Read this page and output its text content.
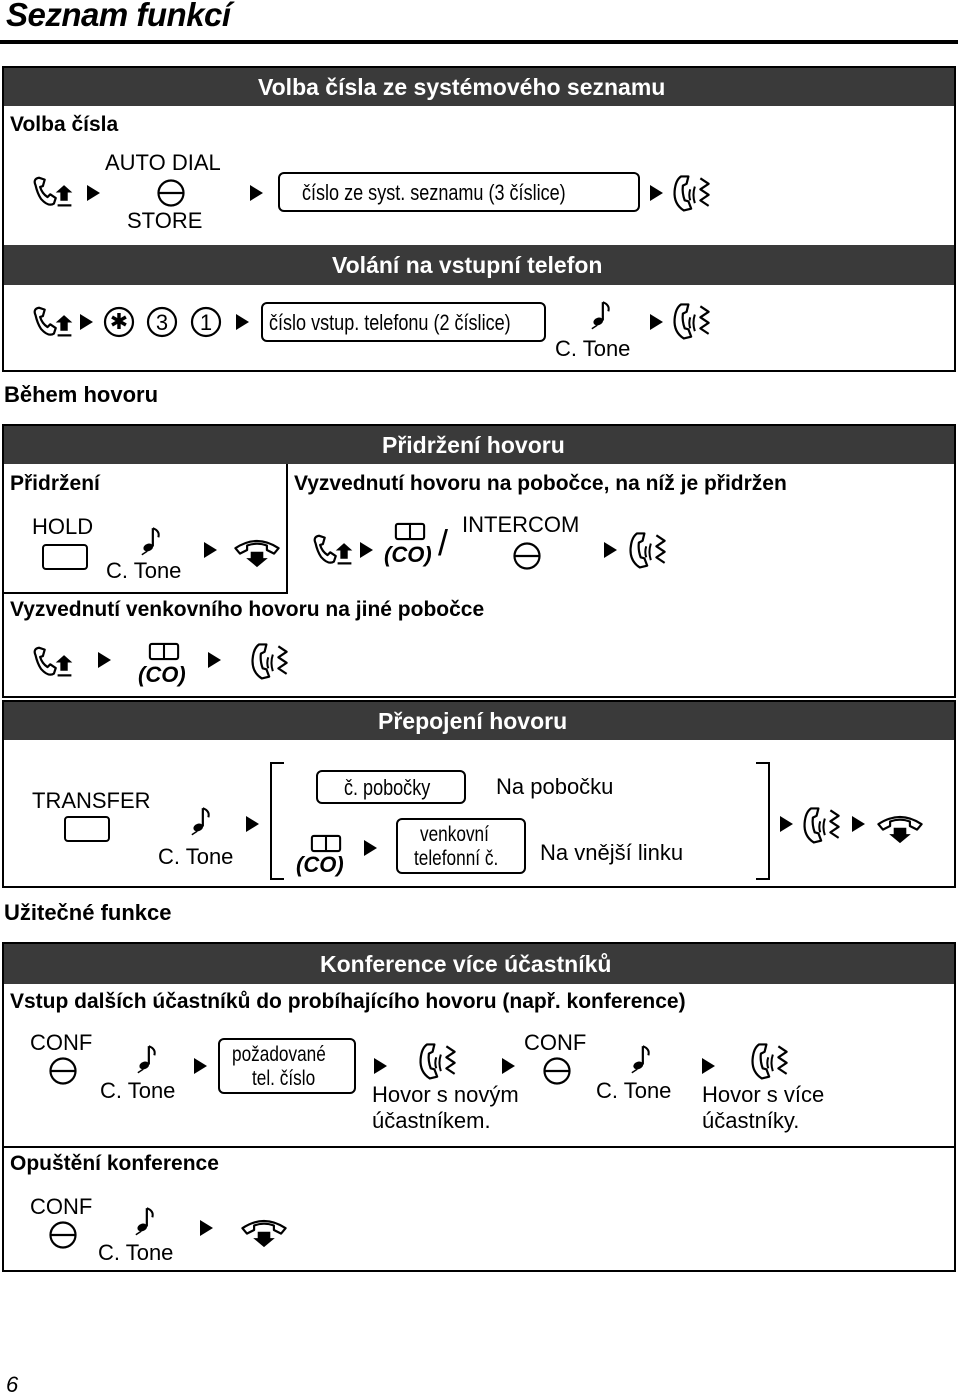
Seznam funkcí
Volba čísla ze systémového seznamu
Volba čísla
AUTO DIAL
STORE
číslo ze syst. seznamu (3 číslice)
Volání na vstupní telefon
✱ 3 1	číslo vstup. telefonu (2 číslice)
C. Tone
Během hovoru
Přidržení hovoru
Přidržení	Vyzvednutí hovoru na pobočce, na níž je přidržen
HOLD
C. Tone
(CO) / INTERCOM
Vyzvednutí venkovního hovoru na jiné pobočce
(CO)
Přepojení hovoru
TRANSFER
C. Tone
č. pobočky	Na pobočku
(CO)
venkovní
telefonní č. Na vnější linku
Užitečné funkce
Konference více účastníků
Vstup dalších účastníků do probíhajícího hovoru (např. konference)
CONF
C. Tone
požadované
tel. číslo
Hovor s novým
účastníkem.
CONF
C. Tone Hovor s více
účastníky.
Opuštění konference
CONF
C. Tone
6
